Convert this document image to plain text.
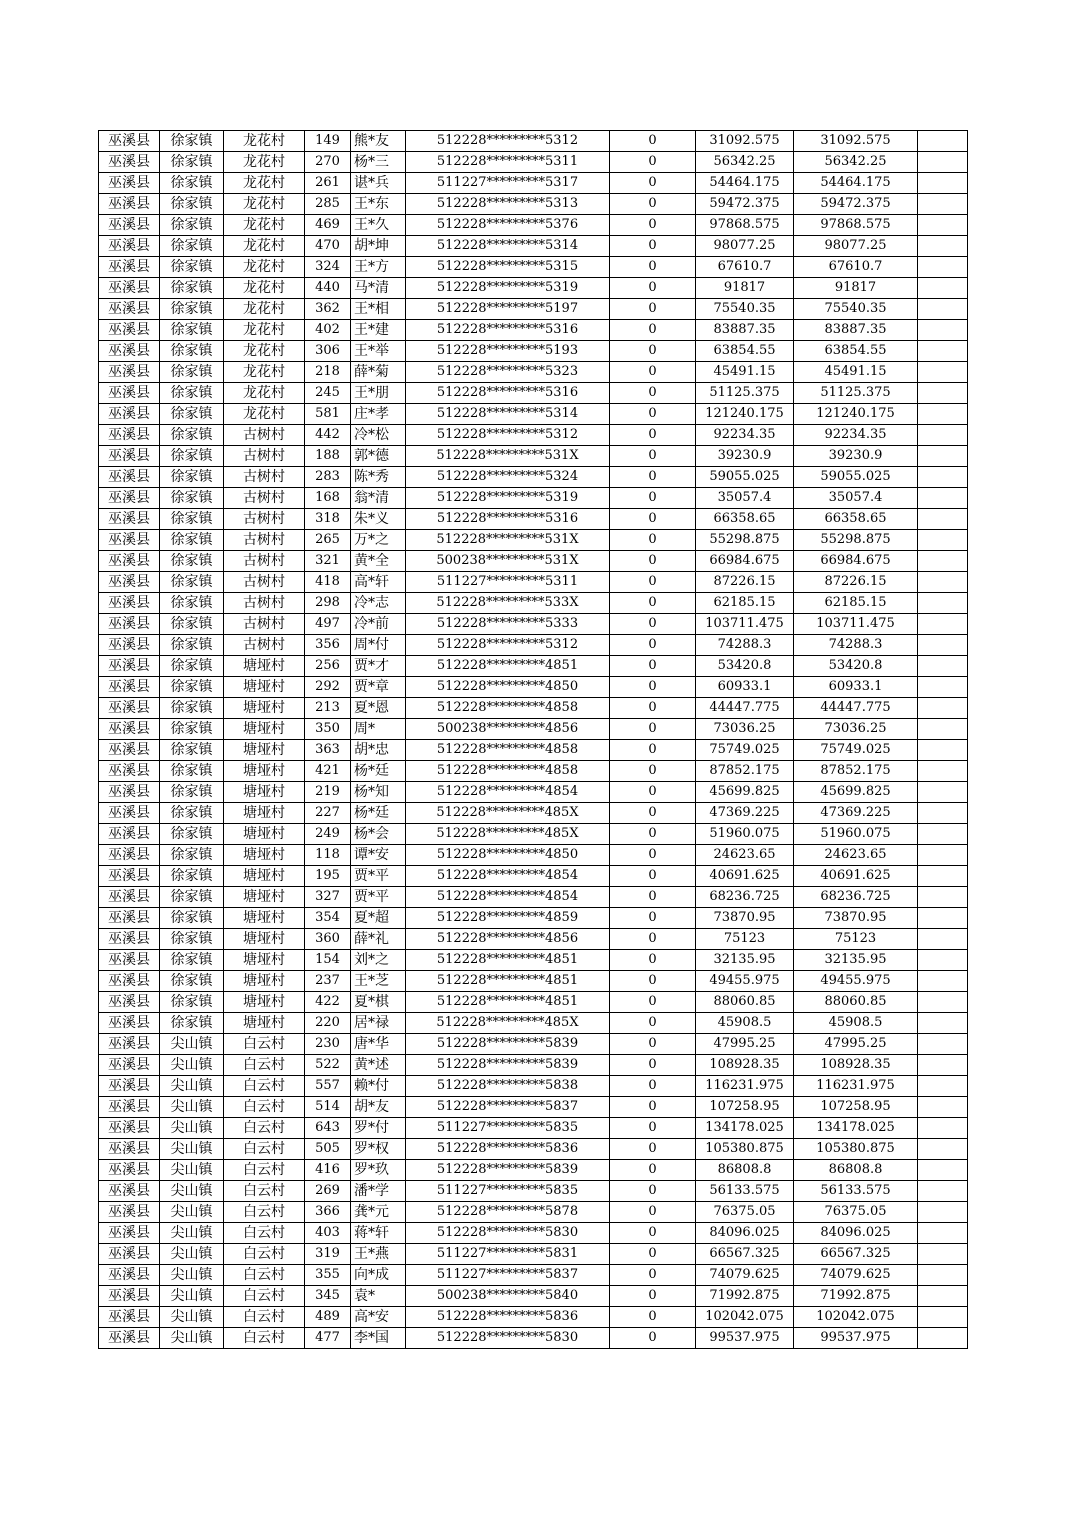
巫溪县	徐家镇	龙花村	149	熊*友	512228*********5312	0	31092.575	31092.575	
巫溪县	徐家镇	龙花村	270	杨*三	512228*********5311	0	56342.25	56342.25	
巫溪县	徐家镇	龙花村	261	谌*兵	511227*********5317	0	54464.175	54464.175	
巫溪县	徐家镇	龙花村	285	王*东	512228*********5313	0	59472.375	59472.375	
巫溪县	徐家镇	龙花村	469	王*久	512228*********5376	0	97868.575	97868.575	
巫溪县	徐家镇	龙花村	470	胡*坤	512228*********5314	0	98077.25	98077.25	
巫溪县	徐家镇	龙花村	324	王*方	512228*********5315	0	67610.7	67610.7	
巫溪县	徐家镇	龙花村	440	马*清	512228*********5319	0	91817	91817	
巫溪县	徐家镇	龙花村	362	王*相	512228*********5197	0	75540.35	75540.35	
巫溪县	徐家镇	龙花村	402	王*建	512228*********5316	0	83887.35	83887.35	
巫溪县	徐家镇	龙花村	306	王*举	512228*********5193	0	63854.55	63854.55	
巫溪县	徐家镇	龙花村	218	薛*菊	512228*********5323	0	45491.15	45491.15	
巫溪县	徐家镇	龙花村	245	王*朋	512228*********5316	0	51125.375	51125.375	
巫溪县	徐家镇	龙花村	581	庄*孝	512228*********5314	0	121240.175	121240.175	
巫溪县	徐家镇	古树村	442	冷*松	512228*********5312	0	92234.35	92234.35	
巫溪县	徐家镇	古树村	188	郭*德	512228*********531X	0	39230.9	39230.9	
巫溪县	徐家镇	古树村	283	陈*秀	512228*********5324	0	59055.025	59055.025	
巫溪县	徐家镇	古树村	168	翁*清	512228*********5319	0	35057.4	35057.4	
巫溪县	徐家镇	古树村	318	朱*义	512228*********5316	0	66358.65	66358.65	
巫溪县	徐家镇	古树村	265	万*之	512228*********531X	0	55298.875	55298.875	
巫溪县	徐家镇	古树村	321	黄*全	500238*********531X	0	66984.675	66984.675	
巫溪县	徐家镇	古树村	418	高*轩	511227*********5311	0	87226.15	87226.15	
巫溪县	徐家镇	古树村	298	冷*志	512228*********533X	0	62185.15	62185.15	
巫溪县	徐家镇	古树村	497	冷*前	512228*********5333	0	103711.475	103711.475	
巫溪县	徐家镇	古树村	356	周*付	512228*********5312	0	74288.3	74288.3	
巫溪县	徐家镇	塘垭村	256	贾*才	512228*********4851	0	53420.8	53420.8	
巫溪县	徐家镇	塘垭村	292	贾*章	512228*********4850	0	60933.1	60933.1	
巫溪县	徐家镇	塘垭村	213	夏*恩	512228*********4858	0	44447.775	44447.775	
巫溪县	徐家镇	塘垭村	350	周*	500238*********4856	0	73036.25	73036.25	
巫溪县	徐家镇	塘垭村	363	胡*忠	512228*********4858	0	75749.025	75749.025	
巫溪县	徐家镇	塘垭村	421	杨*廷	512228*********4858	0	87852.175	87852.175	
巫溪县	徐家镇	塘垭村	219	杨*知	512228*********4854	0	45699.825	45699.825	
巫溪县	徐家镇	塘垭村	227	杨*廷	512228*********485X	0	47369.225	47369.225	
巫溪县	徐家镇	塘垭村	249	杨*会	512228*********485X	0	51960.075	51960.075	
巫溪县	徐家镇	塘垭村	118	谭*安	512228*********4850	0	24623.65	24623.65	
巫溪县	徐家镇	塘垭村	195	贾*平	512228*********4854	0	40691.625	40691.625	
巫溪县	徐家镇	塘垭村	327	贾*平	512228*********4854	0	68236.725	68236.725	
巫溪县	徐家镇	塘垭村	354	夏*超	512228*********4859	0	73870.95	73870.95	
巫溪县	徐家镇	塘垭村	360	薛*礼	512228*********4856	0	75123	75123	
巫溪县	徐家镇	塘垭村	154	刘*之	512228*********4851	0	32135.95	32135.95	
巫溪县	徐家镇	塘垭村	237	王*芝	512228*********4851	0	49455.975	49455.975	
巫溪县	徐家镇	塘垭村	422	夏*棋	512228*********4851	0	88060.85	88060.85	
巫溪县	徐家镇	塘垭村	220	居*禄	512228*********485X	0	45908.5	45908.5	
巫溪县	尖山镇	白云村	230	唐*华	512228*********5839	0	47995.25	47995.25	
巫溪县	尖山镇	白云村	522	黄*述	512228*********5839	0	108928.35	108928.35	
巫溪县	尖山镇	白云村	557	赖*付	512228*********5838	0	116231.975	116231.975	
巫溪县	尖山镇	白云村	514	胡*友	512228*********5837	0	107258.95	107258.95	
巫溪县	尖山镇	白云村	643	罗*付	511227*********5835	0	134178.025	134178.025	
巫溪县	尖山镇	白云村	505	罗*权	512228*********5836	0	105380.875	105380.875	
巫溪县	尖山镇	白云村	416	罗*玖	512228*********5839	0	86808.8	86808.8	
巫溪县	尖山镇	白云村	269	潘*学	511227*********5835	0	56133.575	56133.575	
巫溪县	尖山镇	白云村	366	龚*元	512228*********5878	0	76375.05	76375.05	
巫溪县	尖山镇	白云村	403	蒋*轩	512228*********5830	0	84096.025	84096.025	
巫溪县	尖山镇	白云村	319	王*燕	511227*********5831	0	66567.325	66567.325	
巫溪县	尖山镇	白云村	355	向*成	511227*********5837	0	74079.625	74079.625	
巫溪县	尖山镇	白云村	345	袁*	500238*********5840	0	71992.875	71992.875	
巫溪县	尖山镇	白云村	489	高*安	512228*********5836	0	102042.075	102042.075	
巫溪县	尖山镇	白云村	477	李*国	512228*********5830	0	99537.975	99537.975	
